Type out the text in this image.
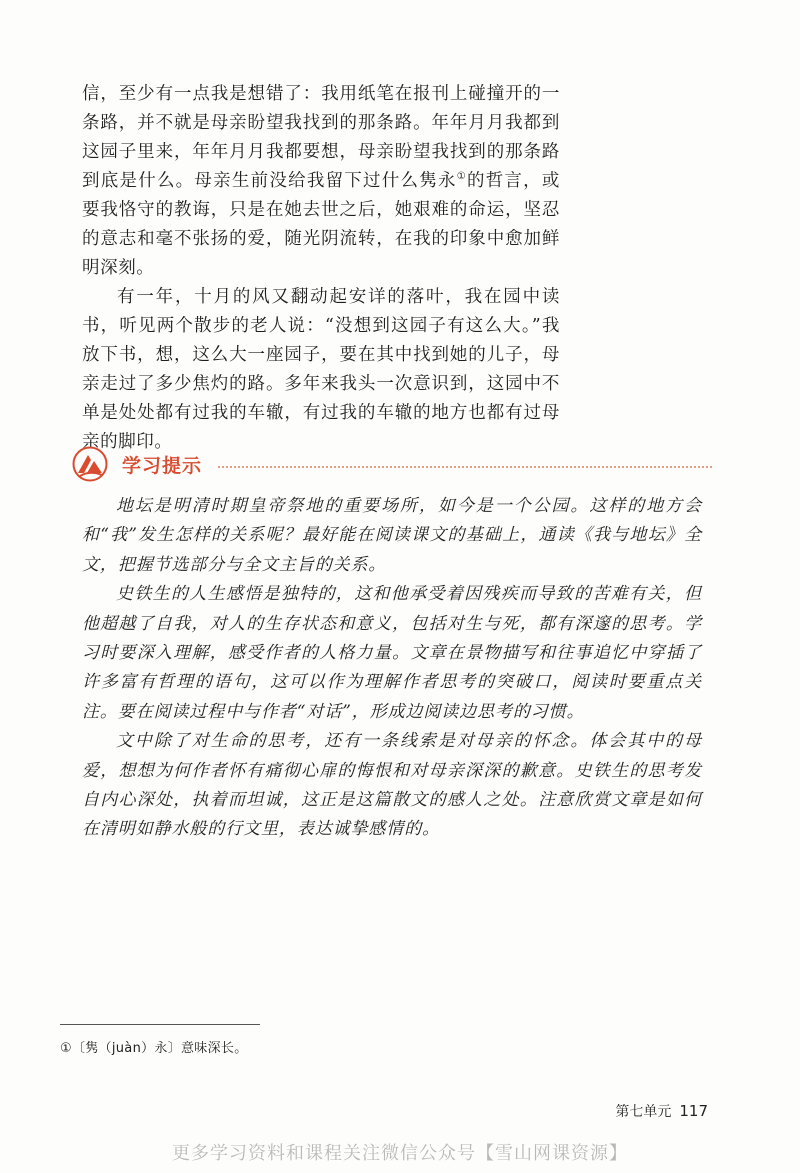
信，至少有一点我是想错了：我用纸笔在报刊上碰撞开的一条路，并不就是母亲盼望我找到的那条路。年年月月我都到这园子里来，年年月月我都要想，母亲盼望我找到的那条路到底是什么。母亲生前没给我留下过什么隽永①的哲言，或要我恪守的教诲，只是在她去世之后，她艰难的命运，坚忍的意志和毫不张扬的爱，随光阴流转，在我的印象中愈加鲜明深刻。

有一年，十月的风又翻动起安详的落叶，我在园中读书，听见两个散步的老人说：“没想到这园子有这么大。”我放下书，想，这么大一座园子，要在其中找到她的儿子，母亲走过了多少焦灼的路。多年来我头一次意识到，这园中不单是处处都有过我的车辙，有过我的车辙的地方也都有过母亲的脚印。

学习提示

地坛是明清时期皇帝祭地的重要场所，如今是一个公园。这样的地方会和“我”发生怎样的关系呢？最好能在阅读课文的基础上，通读《我与地坛》全文，把握节选部分与全文主旨的关系。

史铁生的人生感悟是独特的，这和他承受着因残疾而导致的苦难有关，但他超越了自我，对人的生存状态和意义，包括对生与死，都有深邃的思考。学习时要深入理解，感受作者的人格力量。文章在景物描写和往事追忆中穿插了许多富有哲理的语句，这可以作为理解作者思考的突破口，阅读时要重点关注。要在阅读过程中与作者“对话”，形成边阅读边思考的习惯。

文中除了对生命的思考，还有一条线索是对母亲的怀念。体会其中的母爱，想想为何作者怀有痛彻心扉的悔恨和对母亲深深的歉意。史铁生的思考发自内心深处，执着而坦诚，这正是这篇散文的感人之处。注意欣赏文章是如何在清明如静水般的行文里，表达诚挚感情的。

①〔隽（juàn）永〕意味深长。
第七单元 117
更多学习资料和课程关注微信公众号【雪山网课资源】
